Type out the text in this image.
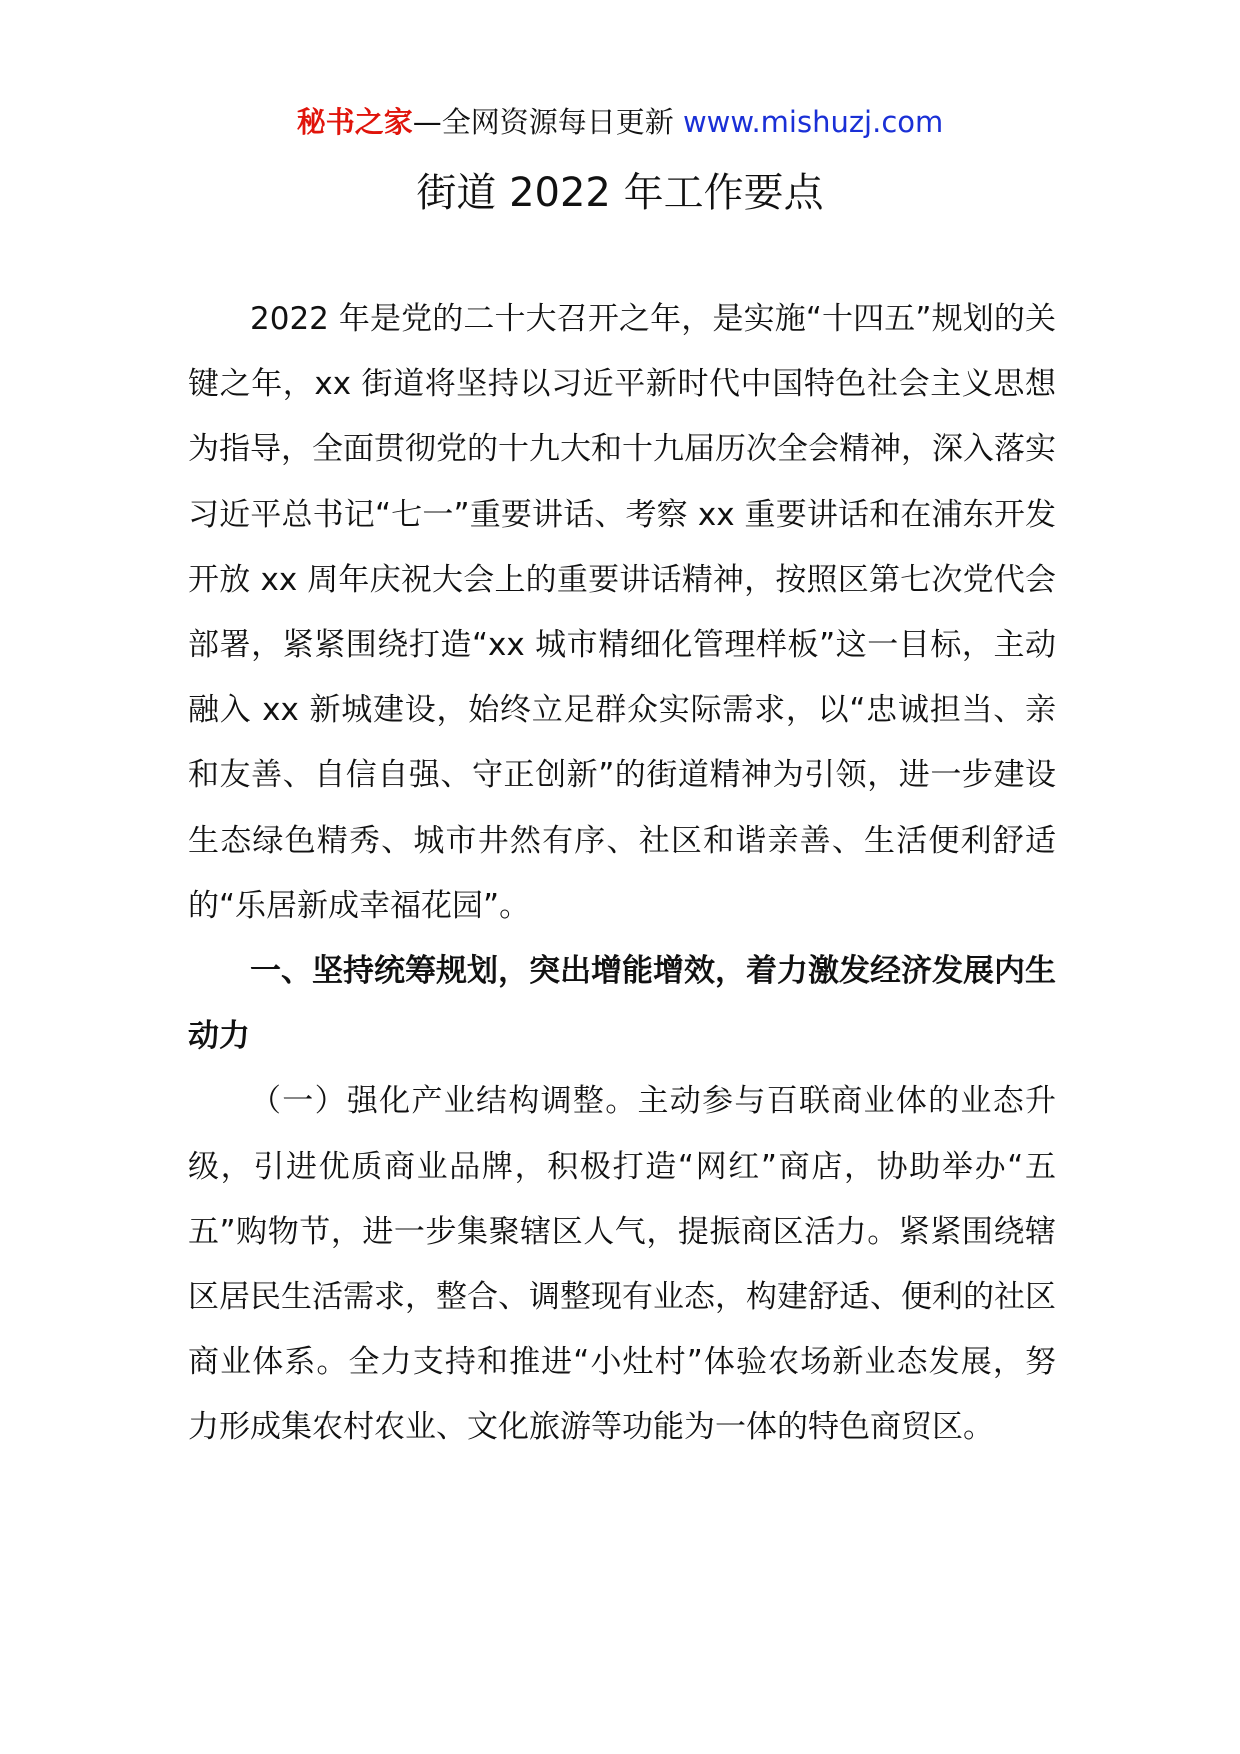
秘书之家—全网资源每日更新 www.mishuzj.com
街道 2022 年工作要点

2022 年是党的二十大召开之年，是实施“十四五”规划的关键之年，xx 街道将坚持以习近平新时代中国特色社会主义思想为指导，全面贯彻党的十九大和十九届历次全会精神，深入落实习近平总书记“七一”重要讲话、考察 xx 重要讲话和在浦东开发开放 xx 周年庆祝大会上的重要讲话精神，按照区第七次党代会部署，紧紧围绕打造“xx 城市精细化管理样板”这一目标，主动融入 xx 新城建设，始终立足群众实际需求，以“忠诚担当、亲和友善、自信自强、守正创新”的街道精神为引领，进一步建设生态绿色精秀、城市井然有序、社区和谐亲善、生活便利舒适的“乐居新成幸福花园”。

一、坚持统筹规划，突出增能增效，着力激发经济发展内生动力

（一）强化产业结构调整。主动参与百联商业体的业态升级，引进优质商业品牌，积极打造“网红”商店，协助举办“五五”购物节，进一步集聚辖区人气，提振商区活力。紧紧围绕辖区居民生活需求，整合、调整现有业态，构建舒适、便利的社区商业体系。全力支持和推进“小灶村”体验农场新业态发展，努力形成集农村农业、文化旅游等功能为一体的特色商贸区。
